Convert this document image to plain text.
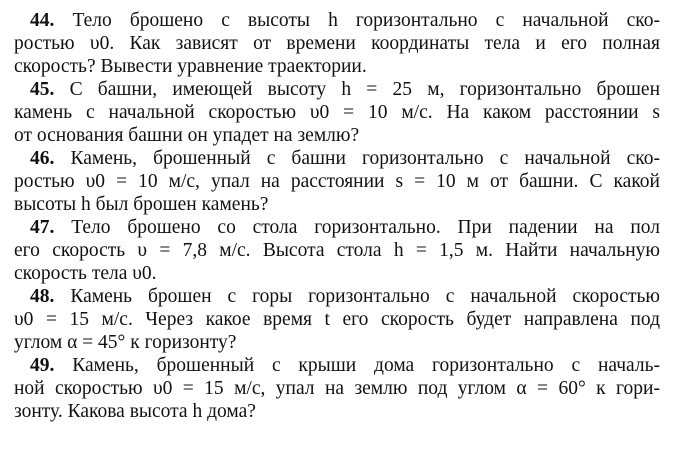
44. Тело брошено с высоты h горизонтально с начальной ско-
ростью υ0. Как зависят от времени координаты тела и его полная
скорость? Вывести уравнение траектории.
45. С башни, имеющей высоту h = 25 м, горизонтально брошен
камень с начальной скоростью υ0 = 10 м/с. На каком расстоянии s
от основания башни он упадет на землю?
46. Камень, брошенный с башни горизонтально с начальной ско-
ростью υ0 = 10 м/с, упал на расстоянии s = 10 м от башни. С какой
высоты h был брошен камень?
47. Тело брошено со стола горизонтально. При падении на пол
его скорость υ = 7,8 м/с. Высота стола h = 1,5 м. Найти начальную
скорость тела υ0.
48. Камень брошен с горы горизонтально с начальной скоростью
υ0 = 15 м/с. Через какое время t его скорость будет направлена под
углом α = 45° к горизонту?
49. Камень, брошенный с крыши дома горизонтально с началь-
ной скоростью υ0 = 15 м/с, упал на землю под углом α = 60° к гори-
зонту. Какова высота h дома?
